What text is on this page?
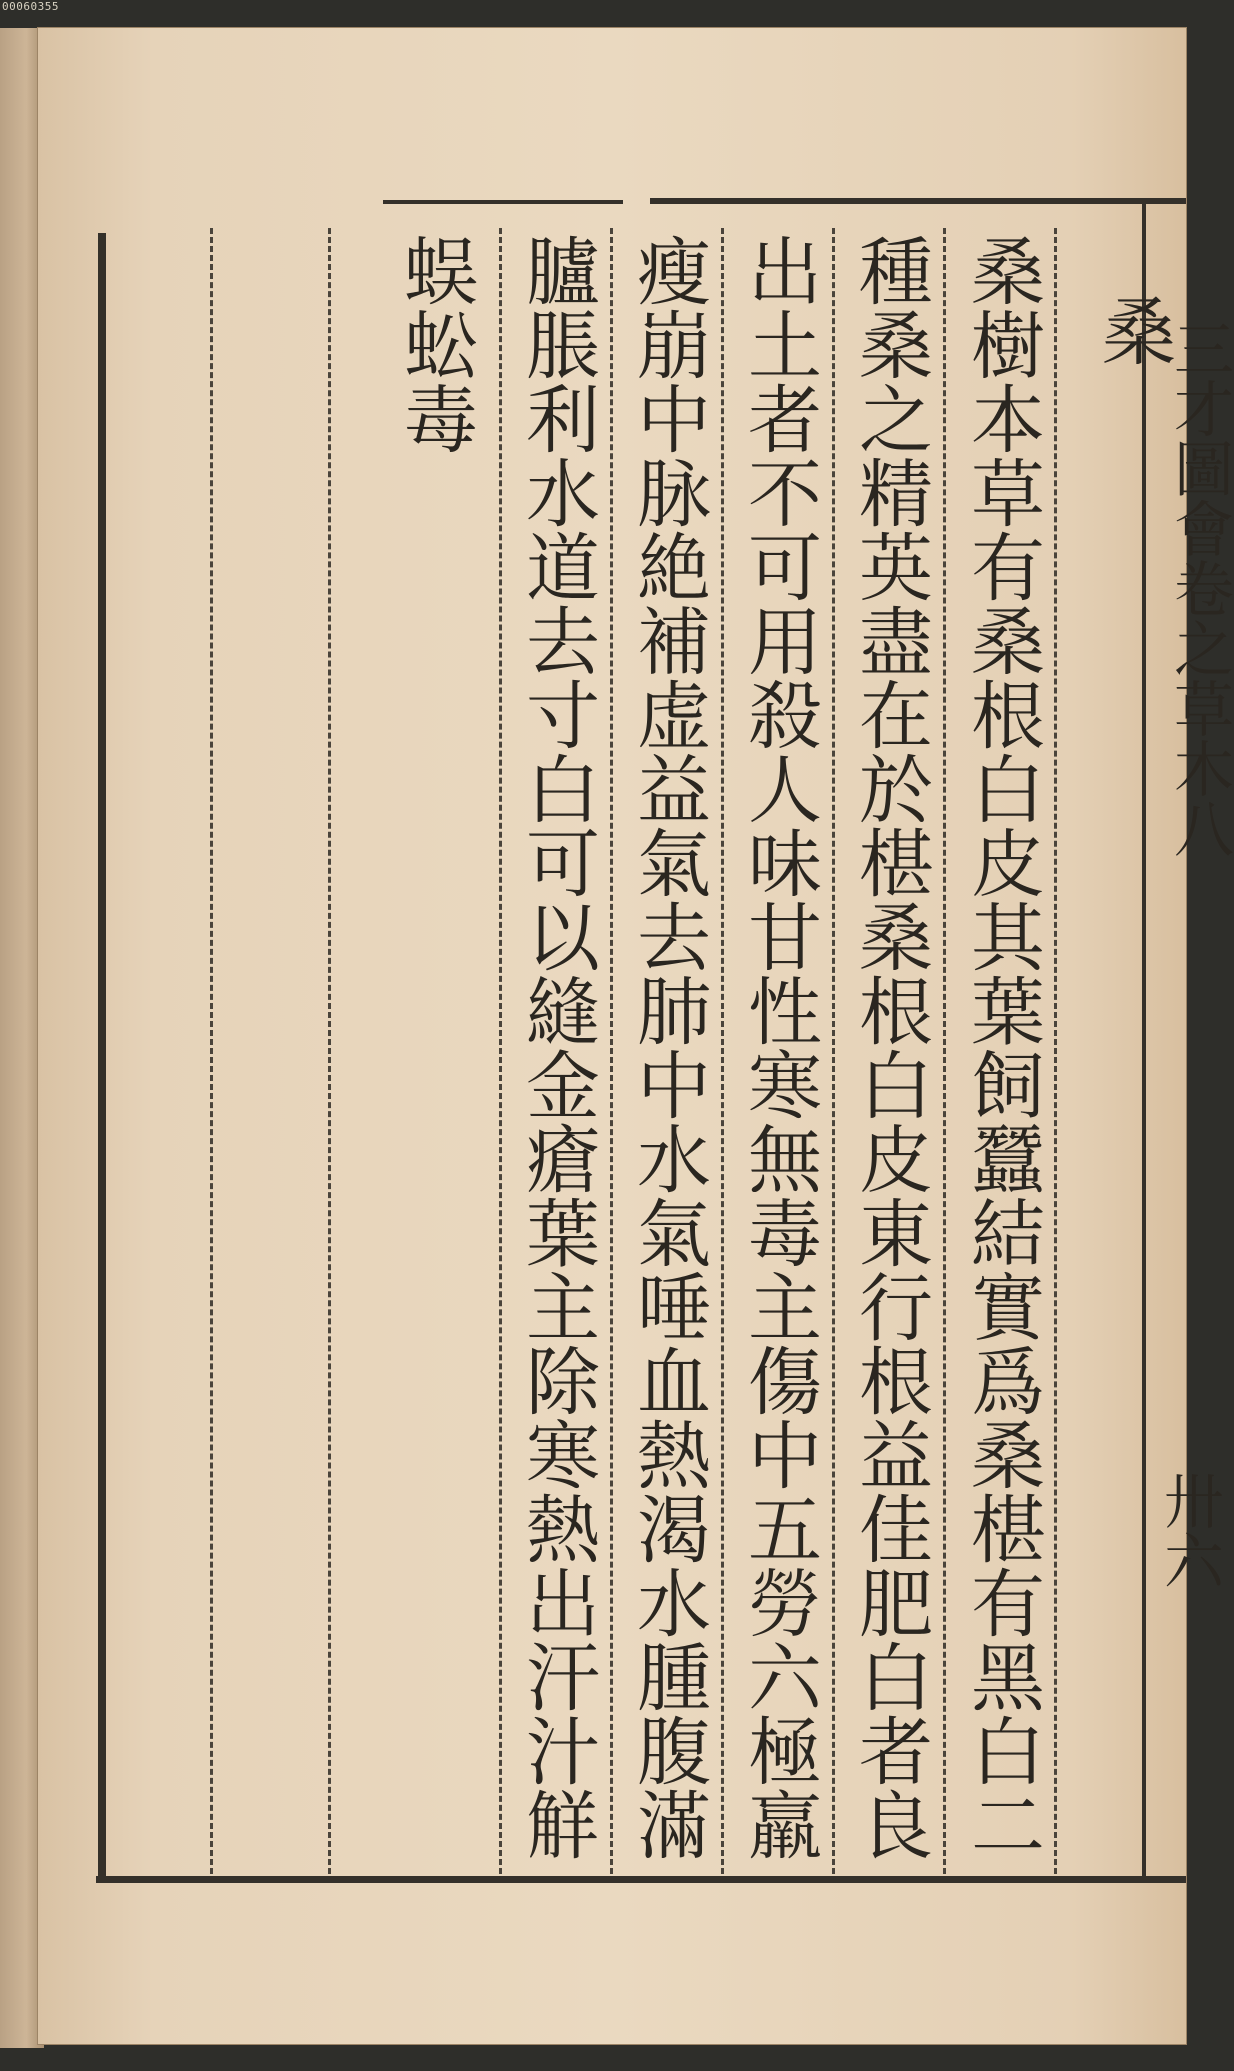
00060355

桑

桑樹本草有桑根白皮其葉飼蠶結實爲桑椹有黑白二

種桑之精英盡在於椹桑根白皮東行根益佳肥白者良

出土者不可用殺人味甘性寒無毒主傷中五勞六極羸

瘦崩中脉絶補虚益氣去肺中水氣唾血熱渴水腫腹滿

臚脹利水道去寸白可以縫金瘡葉主除寒熱出汗汁觧

蜈蚣毒	三才圖會卷之草木八

卅六
